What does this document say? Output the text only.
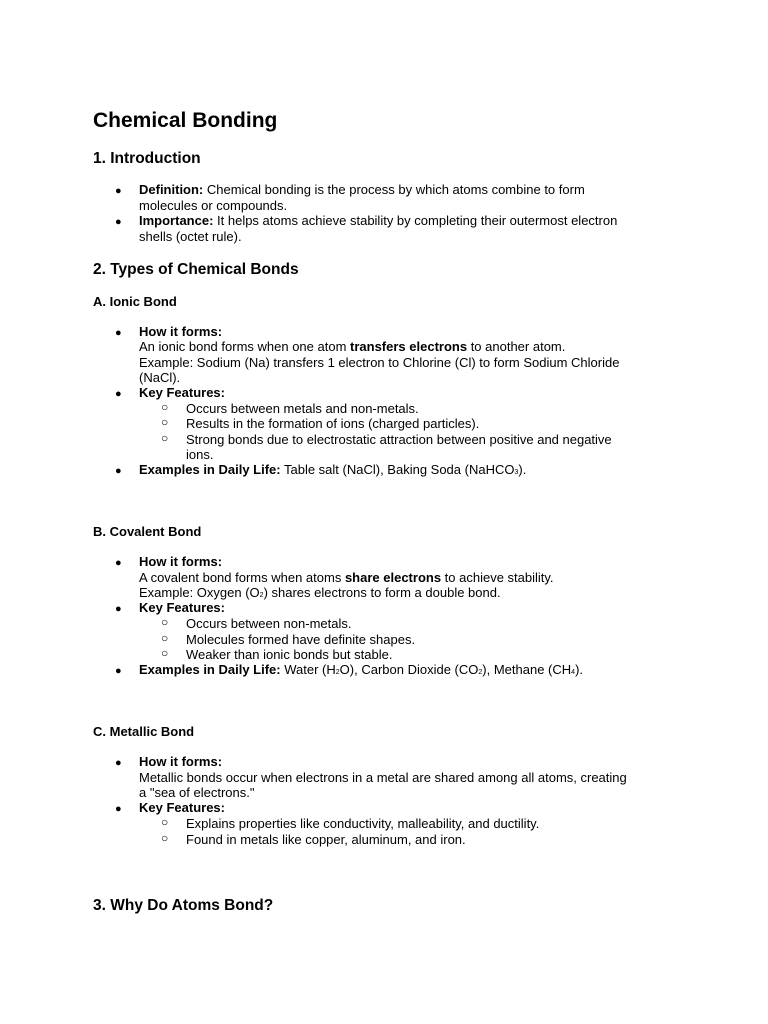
Chemical Bonding
1. Introduction
● Definition: Chemical bonding is the process by which atoms combine to form
molecules or compounds.
● Importance: It helps atoms achieve stability by completing their outermost electron
shells (octet rule).
2. Types of Chemical Bonds
A. Ionic Bond
● How it forms:
An ionic bond forms when one atom transfers electrons to another atom.
Example: Sodium (Na) transfers 1 electron to Chlorine (Cl) to form Sodium Chloride
(NaCl).
● Key Features:
○ Occurs between metals and non-metals.
○ Results in the formation of ions (charged particles).
○ Strong bonds due to electrostatic attraction between positive and negative
ions.
● Examples in Daily Life: Table salt (NaCl), Baking Soda (NaHCO3).
B. Covalent Bond
● How it forms:
A covalent bond forms when atoms share electrons to achieve stability.
Example: Oxygen (O2) shares electrons to form a double bond.
● Key Features:
○ Occurs between non-metals.
○ Molecules formed have definite shapes.
○ Weaker than ionic bonds but stable.
● Examples in Daily Life: Water (H2O), Carbon Dioxide (CO2), Methane (CH4).
C. Metallic Bond
● How it forms:
Metallic bonds occur when electrons in a metal are shared among all atoms, creating
a "sea of electrons."
● Key Features:
○ Explains properties like conductivity, malleability, and ductility.
○ Found in metals like copper, aluminum, and iron.
3. Why Do Atoms Bond?
